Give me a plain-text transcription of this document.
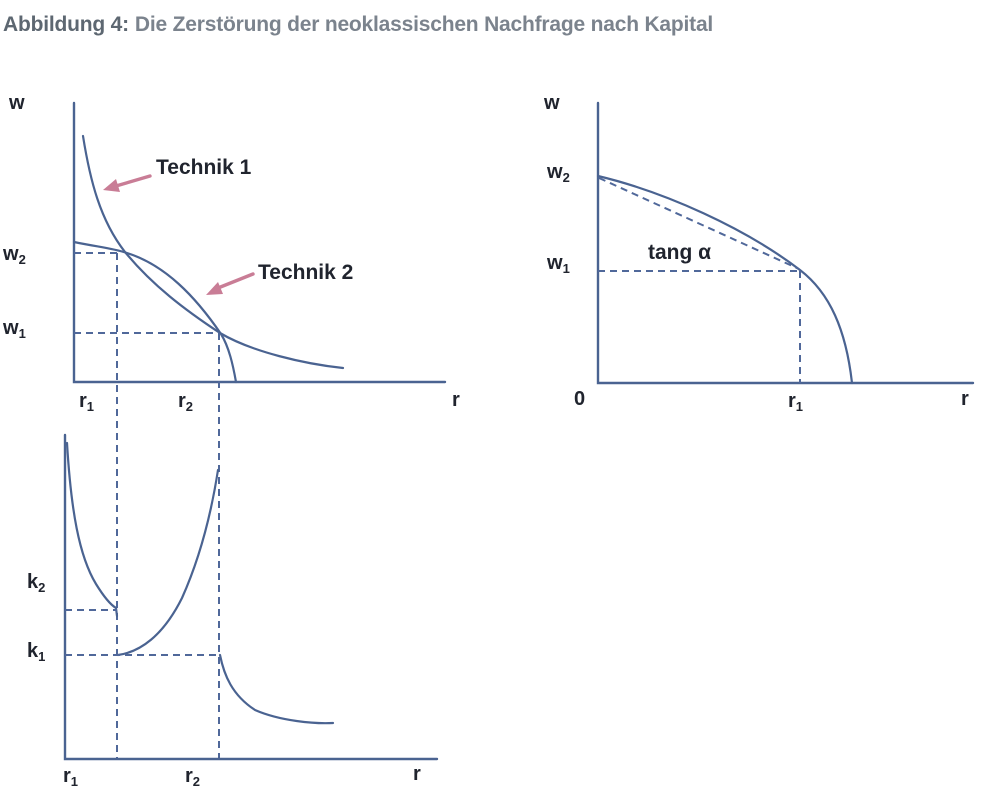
Abbildung 4: Die Zerstörung der neoklassischen Nachfrage nach Kapital
w
$w_2$
$w_1$
$r_1$	$r_2$	r
Technik 1
Technik 2
w
$w_2$
$w_1$
tang α
0	$r_1$	r
$k_2$
$k_1$
$r_1$	$r_2$	r
